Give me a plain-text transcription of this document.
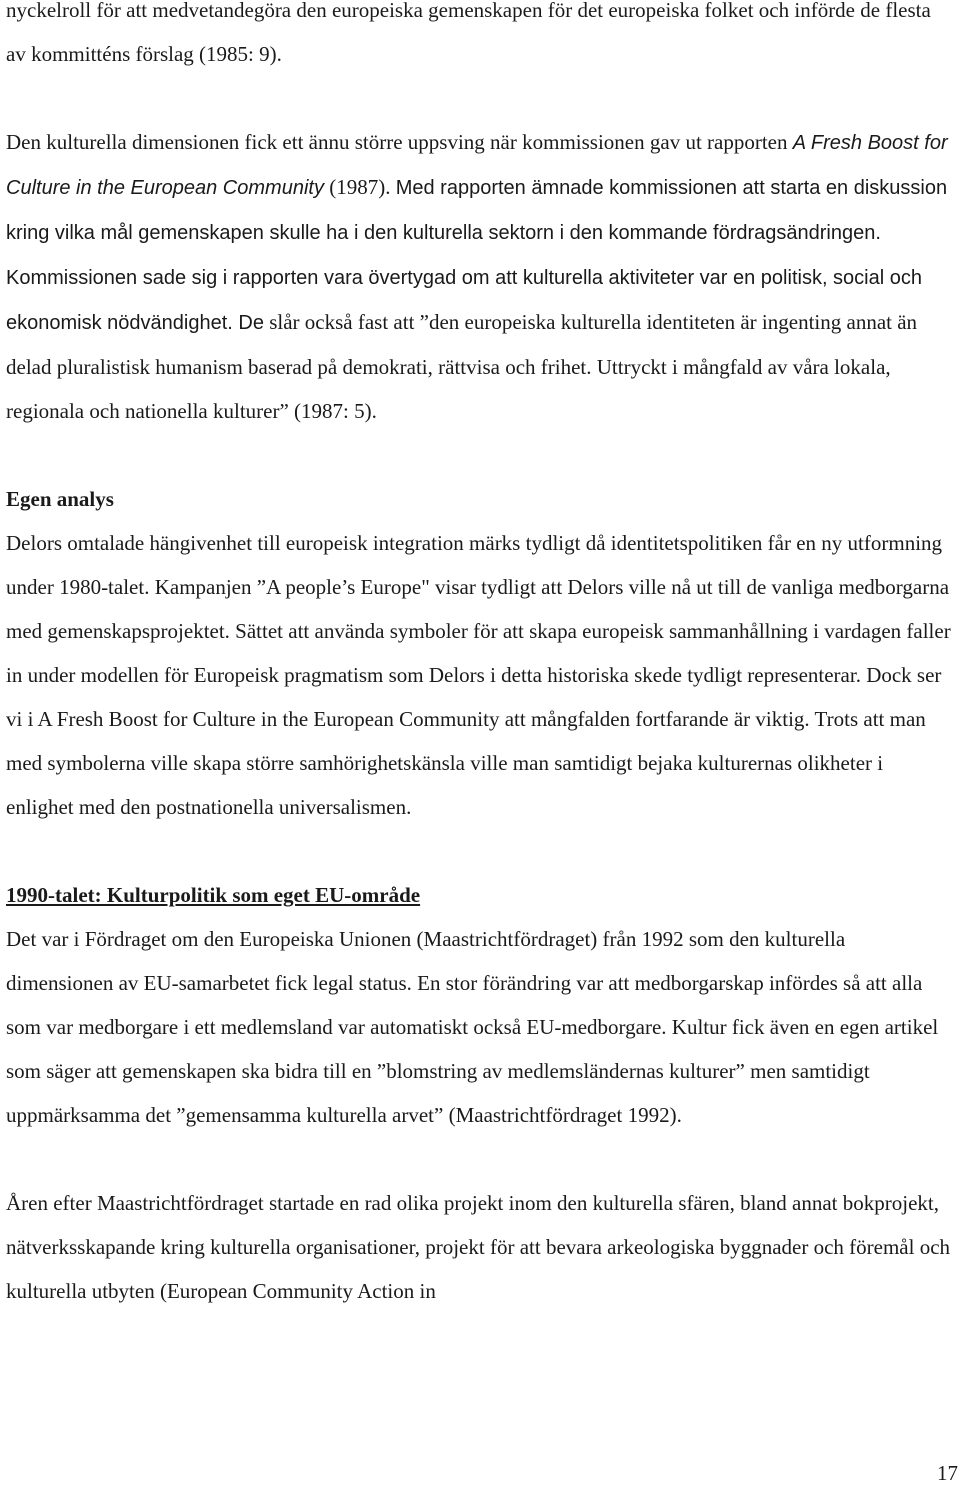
nyckelroll för att medvetandegöra den europeiska gemenskapen för det europeiska folket och införde de flesta av kommitténs förslag (1985: 9).

Den kulturella dimensionen fick ett ännu större uppsving när kommissionen gav ut rapporten A Fresh Boost for Culture in the European Community (1987). Med rapporten ämnade kommissionen att starta en diskussion kring vilka mål gemenskapen skulle ha i den kulturella sektorn i den kommande fördragsändringen. Kommissionen sade sig i rapporten vara övertygad om att kulturella aktiviteter var en politisk, social och ekonomisk nödvändighet. De slår också fast att ”den europeiska kulturella identiteten är ingenting annat än delad pluralistisk humanism baserad på demokrati, rättvisa och frihet. Uttryckt i mångfald av våra lokala, regionala och nationella kulturer” (1987: 5).

Egen analys

Delors omtalade hängivenhet till europeisk integration märks tydligt då identitetspolitiken får en ny utformning under 1980-talet. Kampanjen ”A people’s Europe" visar tydligt att Delors ville nå ut till de vanliga medborgarna med gemenskapsprojektet. Sättet att använda symboler för att skapa europeisk sammanhållning i vardagen faller in under modellen för Europeisk pragmatism som Delors i detta historiska skede tydligt representerar. Dock ser vi i A Fresh Boost for Culture in the European Community att mångfalden fortfarande är viktig. Trots att man med symbolerna ville skapa större samhörighetskänsla ville man samtidigt bejaka kulturernas olikheter i enlighet med den postnationella universalismen.

1990-talet: Kulturpolitik som eget EU-område

Det var i Fördraget om den Europeiska Unionen (Maastrichtfördraget) från 1992 som den kulturella dimensionen av EU-samarbetet fick legal status. En stor förändring var att medborgarskap infördes så att alla som var medborgare i ett medlemsland var automatiskt också EU-medborgare. Kultur fick även en egen artikel som säger att gemenskapen ska bidra till en ”blomstring av medlemsländernas kulturer” men samtidigt uppmärksamma det ”gemensamma kulturella arvet” (Maastrichtfördraget 1992).

Åren efter Maastrichtfördraget startade en rad olika projekt inom den kulturella sfären, bland annat bokprojekt, nätverksskapande kring kulturella organisationer, projekt för att bevara arkeologiska byggnader och föremål och kulturella utbyten (European Community Action in

17
